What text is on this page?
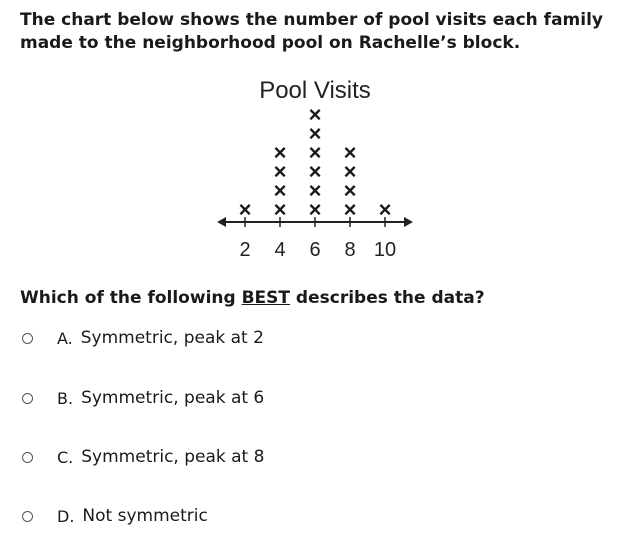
The chart below shows the number of pool visits each family made to the neighborhood pool on Rachelle’s block.

Pool Visits
× ×
×
×
×
×
×
×
×
×
×
×
×
×
×
×
2 4 6 8 10

Which of the following BEST describes the data?

A. Symmetric, peak at 2
B. Symmetric, peak at 6
C. Symmetric, peak at 8
D. Not symmetric
